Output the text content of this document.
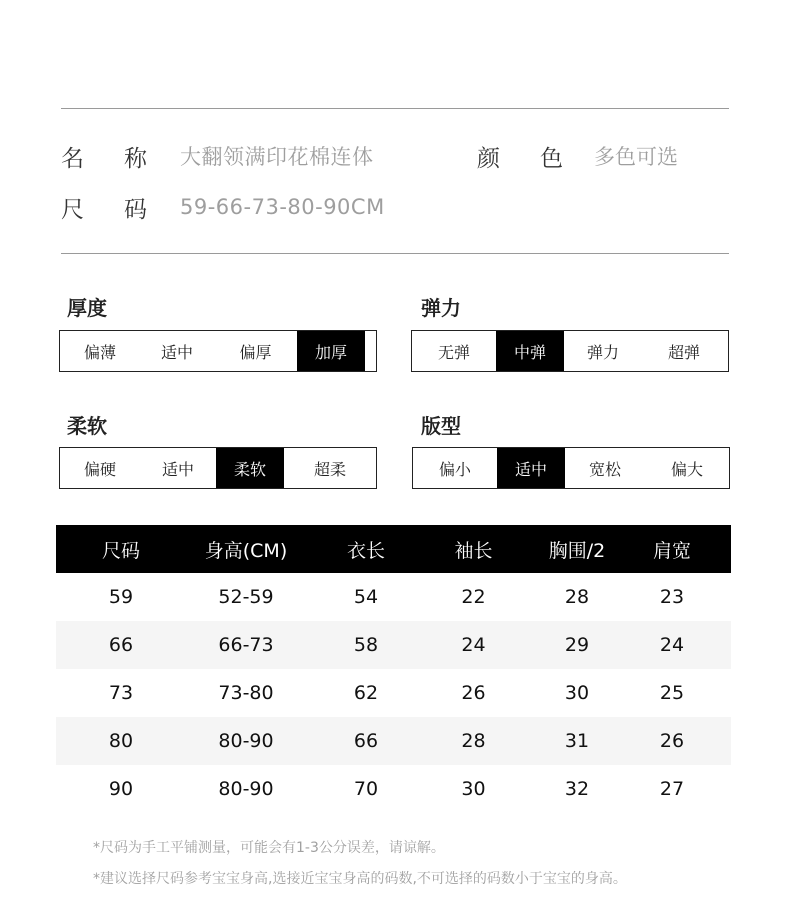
名 称 大翻领满印花棉连体	颜 色 多色可选
尺 码 59-66-73-80-90CM
厚度
偏薄	适中	偏厚	加厚
弹力
无弹	中弹	弹力	超弹
柔软
偏硬	适中	柔软	超柔
版型
偏小	适中	宽松	偏大
尺码	身高(CM)	衣长	袖长	胸围/2	肩宽
59	52-59	54	22	28	23
66	66-73	58	24	29	24
73	73-80	62	26	30	25
80	80-90	66	28	31	26
90	80-90	70	30	32	27
*尺码为手工平铺测量，可能会有1-3公分误差，请谅解。
*建议选择尺码参考宝宝身高,选接近宝宝身高的码数,不可选择的码数小于宝宝的身高。
